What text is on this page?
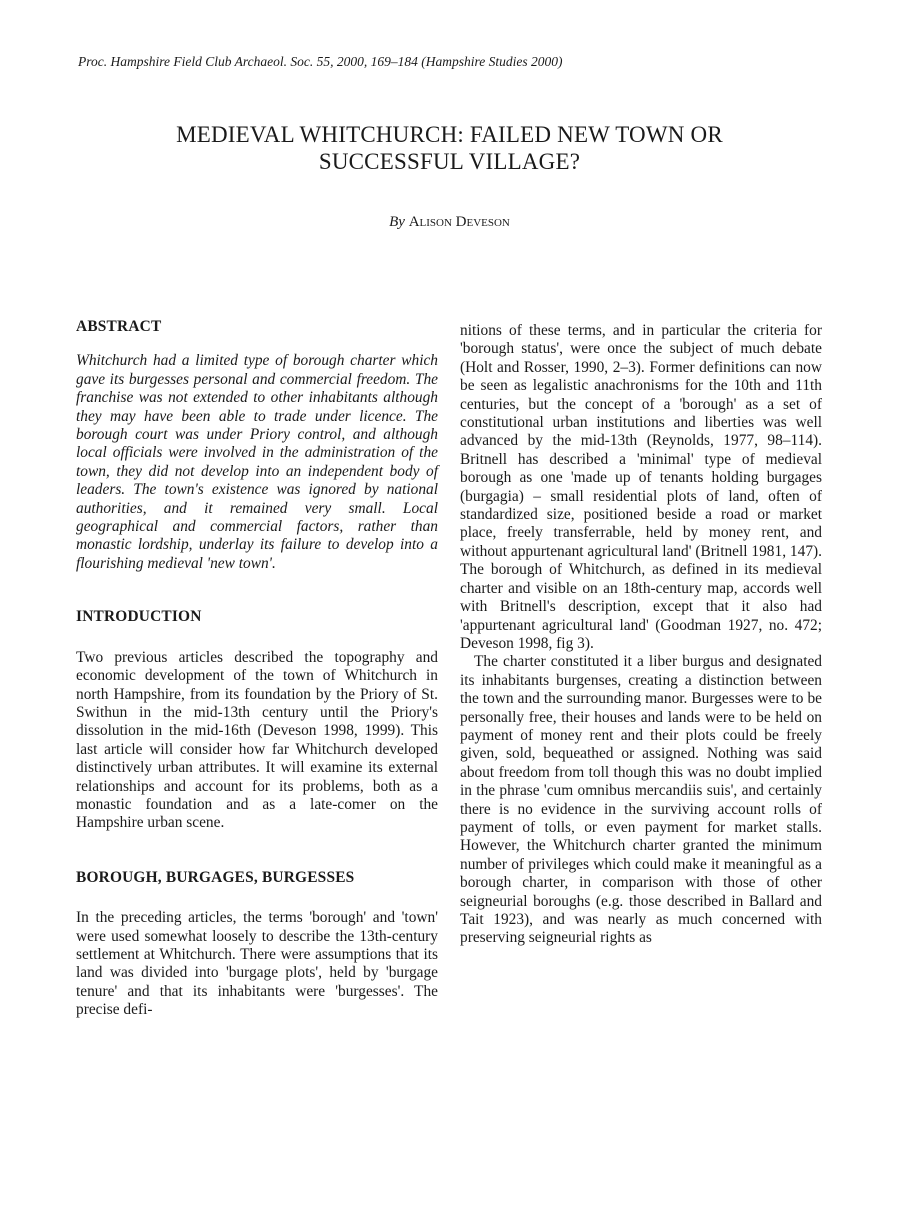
Proc. Hampshire Field Club Archaeol. Soc. 55, 2000, 169–184 (Hampshire Studies 2000)
MEDIEVAL WHITCHURCH: FAILED NEW TOWN OR
SUCCESSFUL VILLAGE?
By Alison Deveson
ABSTRACT

Whitchurch had a limited type of borough charter which gave its burgesses personal and commercial freedom. The franchise was not extended to other inhabitants although they may have been able to trade under licence. The borough court was under Priory control, and although local officials were involved in the administration of the town, they did not develop into an independent body of leaders. The town's existence was ignored by national authorities, and it remained very small. Local geographical and commercial factors, rather than monastic lordship, underlay its failure to develop into a flourishing medieval 'new town'.

INTRODUCTION

Two previous articles described the topography and economic development of the town of Whitchurch in north Hampshire, from its foundation by the Priory of St. Swithun in the mid-13th century until the Priory's dissolution in the mid-16th (Deveson 1998, 1999). This last article will consider how far Whitchurch developed distinctively urban attributes. It will examine its external relationships and account for its problems, both as a monastic foundation and as a late-comer on the Hampshire urban scene.

BOROUGH, BURGAGES, BURGESSES

In the preceding articles, the terms 'borough' and 'town' were used somewhat loosely to describe the 13th-century settlement at Whitchurch. There were assumptions that its land was divided into 'burgage plots', held by 'burgage tenure' and that its inhabitants were 'burgesses'. The precise defi-

nitions of these terms, and in particular the criteria for 'borough status', were once the subject of much debate (Holt and Rosser, 1990, 2–3). Former definitions can now be seen as legalistic anachronisms for the 10th and 11th centuries, but the concept of a 'borough' as a set of constitutional urban institutions and liberties was well advanced by the mid-13th (Reynolds, 1977, 98–114). Britnell has described a 'minimal' type of medieval borough as one 'made up of tenants holding burgages (burgagia) – small residential plots of land, often of standardized size, positioned beside a road or market place, freely transferrable, held by money rent, and without appurtenant agricultural land' (Britnell 1981, 147). The borough of Whitchurch, as defined in its medieval charter and visible on an 18th-century map, accords well with Britnell's description, except that it also had 'appurtenant agricultural land' (Goodman 1927, no. 472; Deveson 1998, fig 3).

The charter constituted it a liber burgus and designated its inhabitants burgenses, creating a distinction between the town and the surrounding manor. Burgesses were to be personally free, their houses and lands were to be held on payment of money rent and their plots could be freely given, sold, bequeathed or assigned. Nothing was said about freedom from toll though this was no doubt implied in the phrase 'cum omnibus mercandiis suis', and certainly there is no evidence in the surviving account rolls of payment of tolls, or even payment for market stalls. However, the Whitchurch charter granted the minimum number of privileges which could make it meaningful as a borough charter, in comparison with those of other seigneurial boroughs (e.g. those described in Ballard and Tait 1923), and was nearly as much concerned with preserving seigneurial rights as
